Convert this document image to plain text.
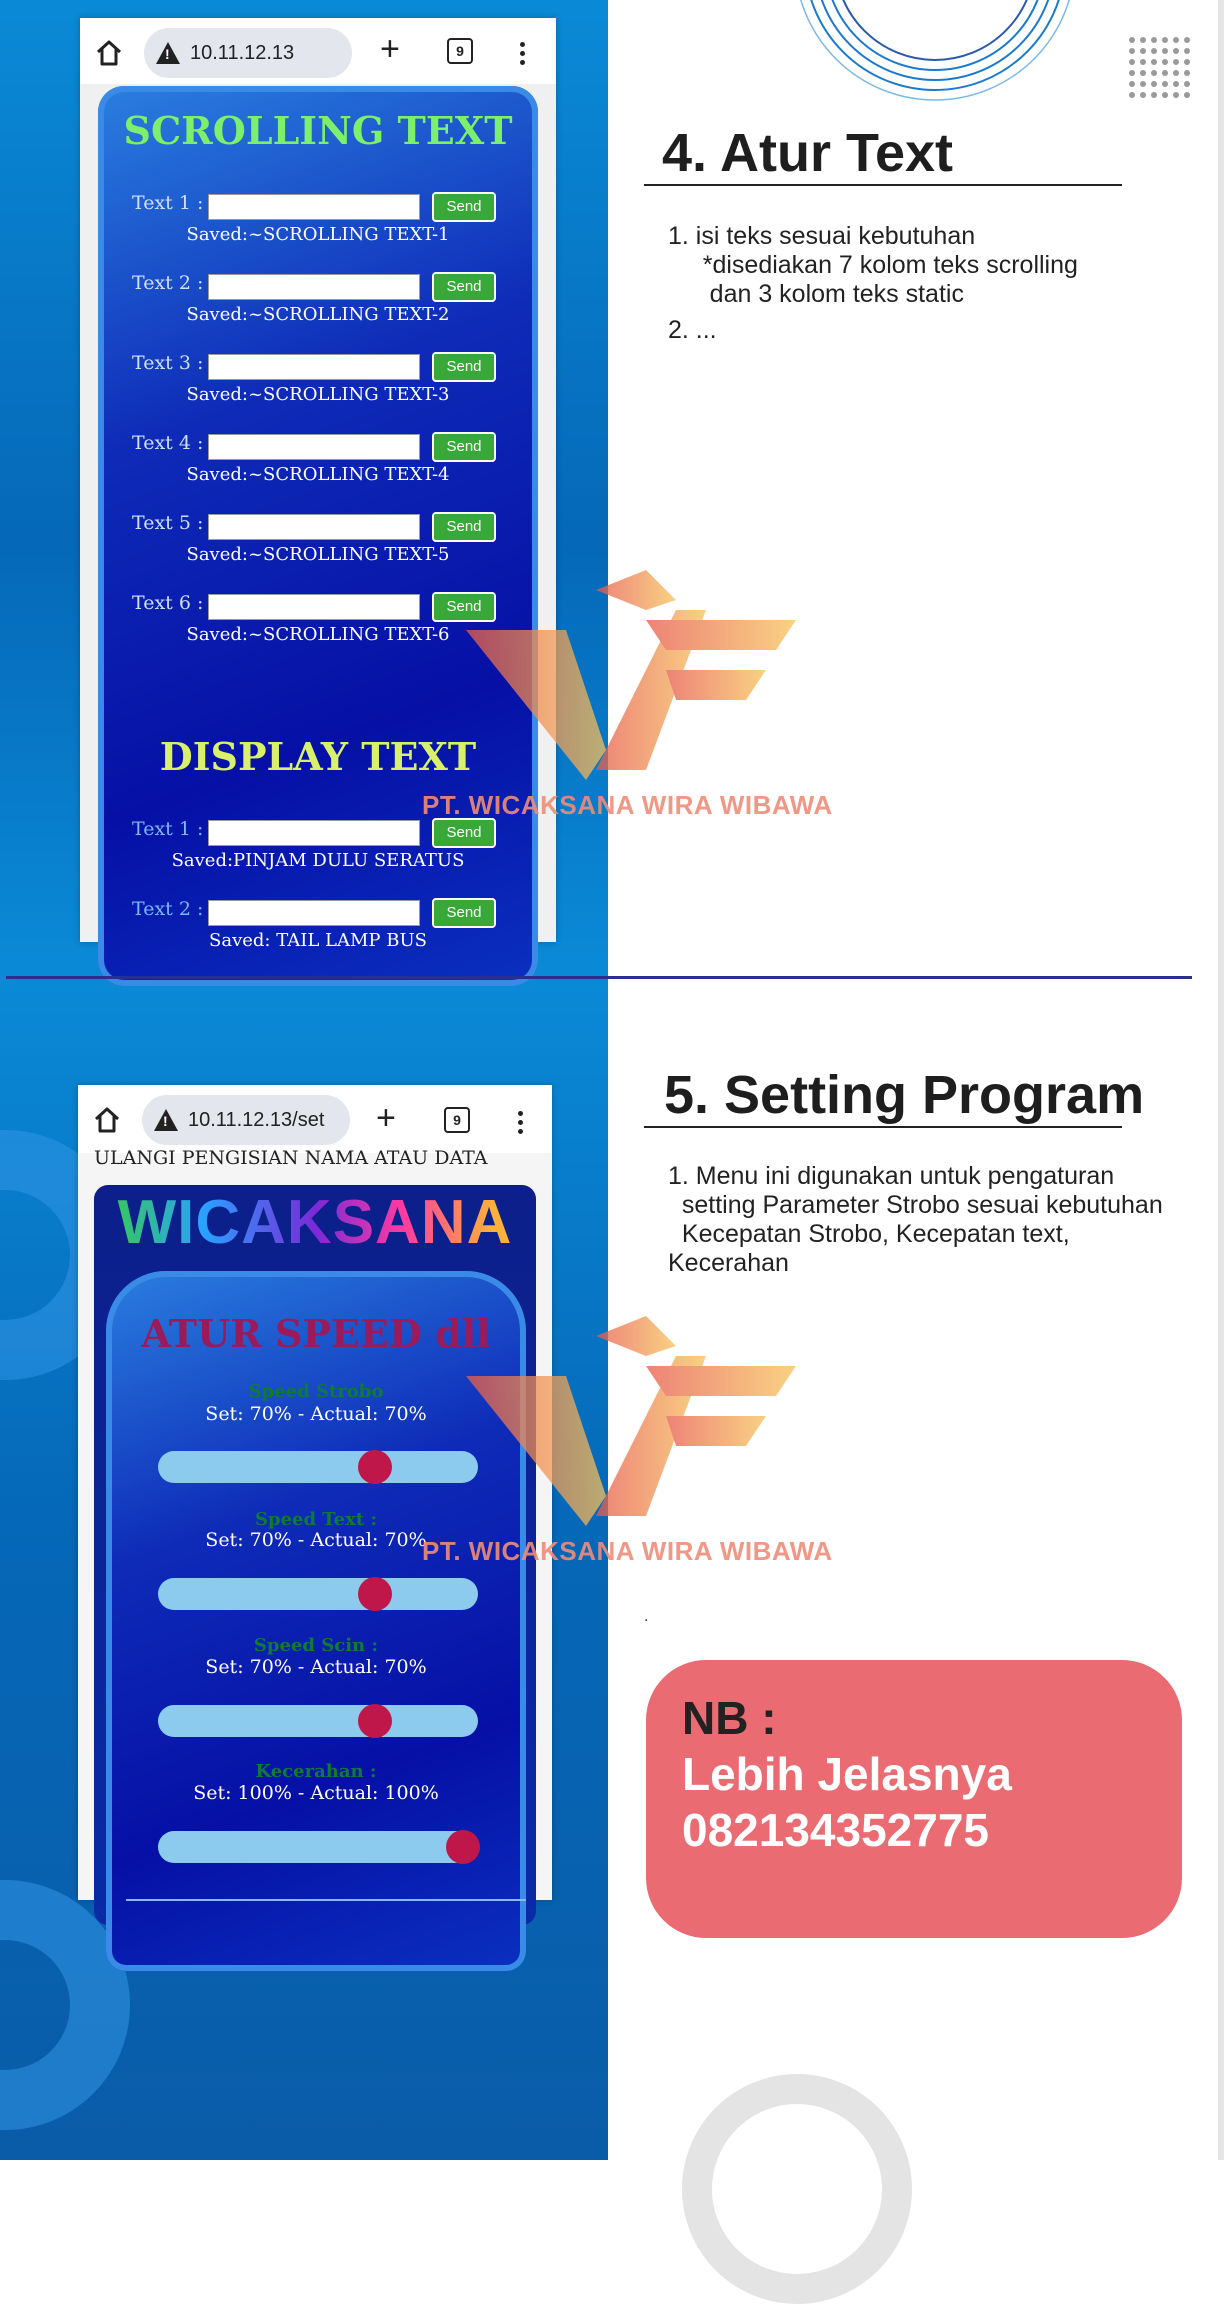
!
10.11.12.13	+	9
SCROLLING TEXT
Text 1 :	Send
Saved:~SCROLLING TEXT-1
Text 2 :	Send
Saved:~SCROLLING TEXT-2
Text 3 :	Send
Saved:~SCROLLING TEXT-3
Text 4 :	Send
Saved:~SCROLLING TEXT-4
Text 5 :	Send
Saved:~SCROLLING TEXT-5
Text 6 :	Send
Saved:~SCROLLING TEXT-6
DISPLAY TEXT
Text 1 :	Send
Saved:PINJAM DULU SERATUS
Text 2 :	Send
Saved: TAIL LAMP BUS
!
10.11.12.13/set +	9
ULANGI PENGISIAN NAMA ATAU DATA
WICAKSANA
ATUR SPEED dll
Speed Strobo
Set: 70% - Actual: 70%
Speed Text :
Set: 70% - Actual: 70%
Speed Scin :
Set: 70% - Actual: 70%
Kecerahan :
Set: 100% - Actual: 100%
4. Atur Text
1. isi teks sesuai kebutuhan
*disediakan 7 kolom teks scrolling
dan 3 kolom teks static
2. ...
5. Setting Program
1. Menu ini digunakan untuk pengaturan
setting Parameter Strobo sesuai kebutuhan
Kecepatan Strobo, Kecepatan text,
Kecerahan
.
NB :
Lebih Jelasnya
082134352775
PT. WICAKSANA WIRA WIBAWA
PT. WICAKSANA WIRA WIBAWA
